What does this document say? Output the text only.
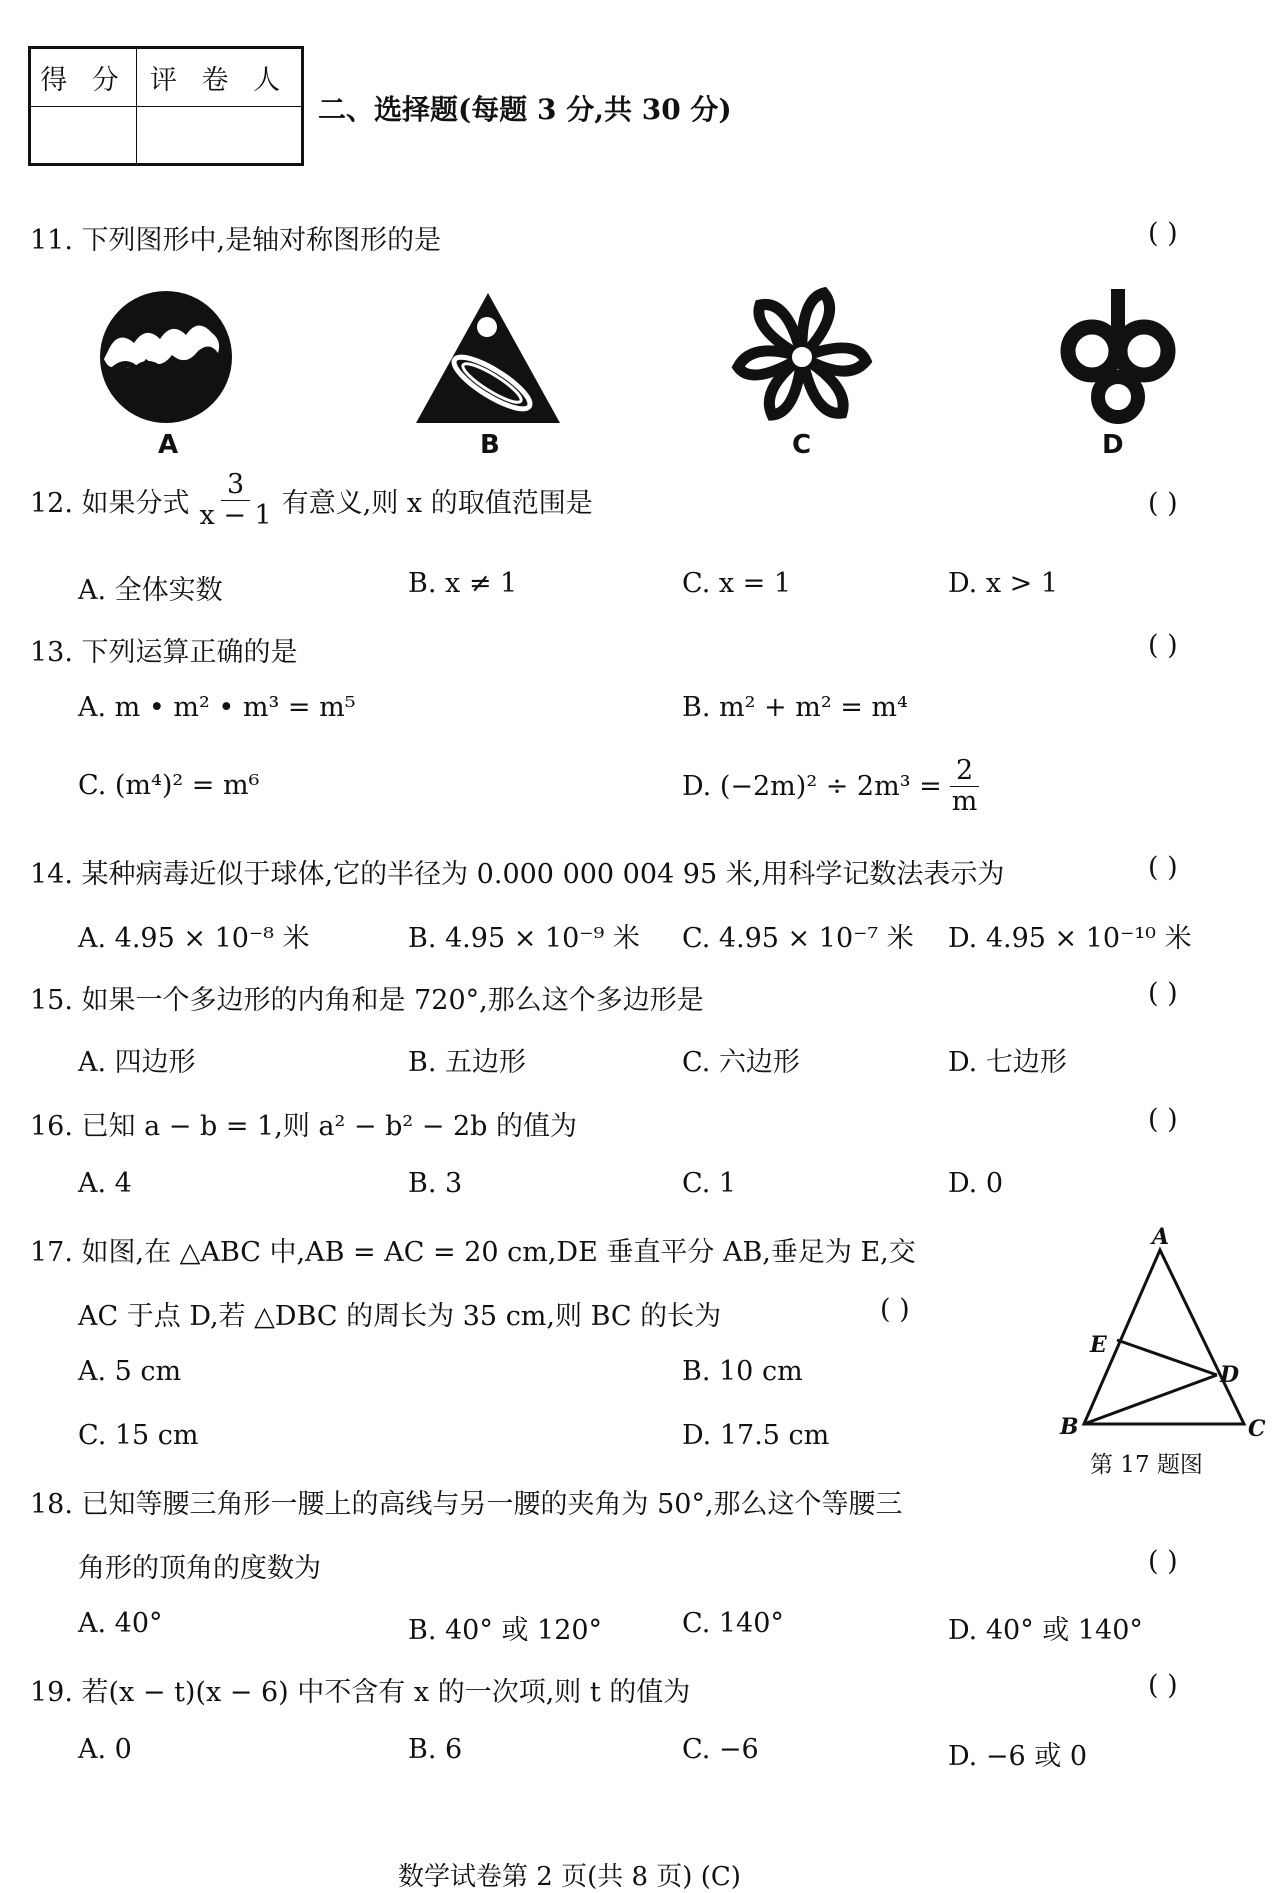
得 分 评 卷 人
二、选择题(每题 3 分,共 30 分)
11. 下列图形中,是轴对称图形的是	( )
A	B	C	D
12. 如果分式 $\frac{3}{x - 1}$ 有意义,则 x 的取值范围是	( )
A. 全体实数	B. x ≠ 1	C. x = 1	D. x > 1
13. 下列运算正确的是	( )
A. m • m² • m³ = m⁵	B. m² + m² = m⁴
C. (m⁴)² = m⁶	D. $(-2m)^2 \div 2m^3 = \frac{2}{m}$
14. 某种病毒近似于球体,它的半径为 0.000 000 004 95 米,用科学记数法表示为	( )
A. 4.95 × 10⁻⁸ 米	B. 4.95 × 10⁻⁹ 米 C. 4.95 × 10⁻⁷ 米 D. 4.95 × 10⁻¹⁰ 米
15. 如果一个多边形的内角和是 720°,那么这个多边形是	( )
A. 四边形	B. 五边形	C. 六边形	D. 七边形
16. 已知 a − b = 1,则 a² − b² − 2b 的值为	( )
A. 4	B. 3	C. 1	D. 0
17. 如图,在 △ABC 中,AB = AC = 20 cm,DE 垂直平分 AB,垂足为 E,交
AC 于点 D,若 △DBC 的周长为 35 cm,则 BC 的长为	( )
A. 5 cm	B. 10 cm
C. 15 cm	D. 17.5 cm
A
B	C
D
E
第 17 题图
18. 已知等腰三角形一腰上的高线与另一腰的夹角为 50°,那么这个等腰三
角形的顶角的度数为	( )
A. 40°	B. 40° 或 120°	C. 140°	D. 40° 或 140°
19. 若(x − t)(x − 6) 中不含有 x 的一次项,则 t 的值为	( )
A. 0	B. 6	C. −6	D. −6 或 0
数学试卷第 2 页(共 8 页) (C)
